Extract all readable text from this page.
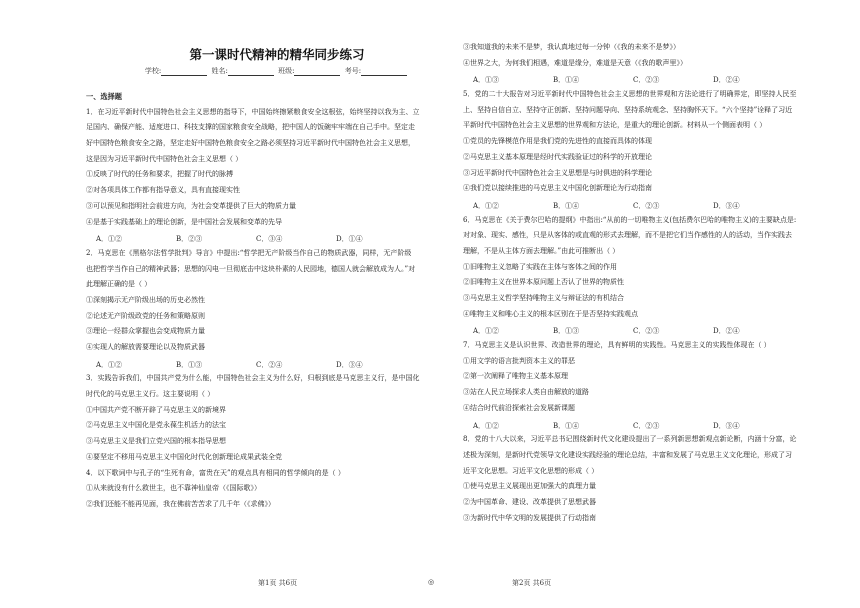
第一课时代精神的精华同步练习
学校:	姓名:	班级:	考号:
一、选择题
1．在习近平新时代中国特色社会主义思想的指导下，中国始终擦紧粮食安全这根弦，始终坚持以我为主、立
足国内、确保产能、适度进口、科技支撑的国家粮食安全战略，把中国人的饭碗牢牢端在自己手中。坚定走
好中国特色粮食安全之路，坚定走好中国特色粮食安全之路必须坚持习近平新时代中国特色社会主义思想，
这是因为习近平新时代中国特色社会主义思想（ ）
①反映了时代的任务和要求，把握了时代的脉搏
②对各项具体工作都有指导意义，具有直接现实性
③可以预见和指明社会前进方向，为社会变革提供了巨大的物质力量
④是基于实践基础上的理论创新，是中国社会发展和变革的先导
A．①②	B．②③	C．③④	D．①④
2．马克思在《黑格尔法哲学批判》导言》中提出:“哲学把无产阶级当作自己的物质武器，同样，无产阶级
也把哲学当作自己的精神武器；思想的闪电一旦彻底击中这块朴素的人民园地，德国人就会解放成为人。”对
此理解正确的是（ ）
①深刻揭示无产阶级出场的历史必然性
②论述无产阶级政党的任务和策略原则
③理论一经群众掌握也会变成物质力量
④实现人的解放需要理论以及物质武器
A．①②	B．①③	C．②④	D．③④
3．实践告诉我们，中国共产党为什么能，中国特色社会主义为什么好，归根到底是马克思主义行，是中国化
时代化的马克思主义行。这主要说明（ ）
①中国共产党不断开辟了马克思主义的新境界
②马克思主义中国化是党永葆生机活力的法宝
③马克思主义是我们立党兴国的根本指导思想
④要坚定不移用马克思主义中国化时代化创新理论成果武装全党
4．以下歌词中与孔子的“生死有命，富贵在天”的观点具有相同的哲学倾向的是（ ）
①从来就没有什么救世主，也不靠神仙皇帝（《国际歌》）
②我们还能不能再见面，我在佛前苦苦求了几千年（《求佛》）
③我知道我的未来不是梦，我认真地过每一分钟（《我的未来不是梦》）
④世界之大，为何我们相遇，难道是缘分，难道是天意（《我的歌声里》）
A．①③	B．①④	C．②③	D．②④
5．党的二十大报告对习近平新时代中国特色社会主义思想的世界观和方法论进行了明确界定，即坚持人民至
上、坚持自信自立、坚持守正创新、坚持问题导向、坚持系统观念、坚持胸怀天下。“六个坚持”诠释了习近
平新时代中国特色社会主义思想的世界观和方法论，是重大的理论创新。材料从一个侧面表明（ ）
①党员的先锋模范作用是我们党的先进性的直接而具体的体现
②马克思主义基本原理是经时代实践验证过的科学的开放理论
③习近平新时代中国特色社会主义思想是与时俱进的科学理论
④我们党以接续推进的马克思主义中国化创新理论为行动指南
A．①②	B．①④	C．②③	D．③④
6．马克思在《关于费尔巴哈的提纲》中指出:“从前的一切唯物主义(包括费尔巴哈的唯物主义)的主要缺点是:
对对象、现实、感性，只是从客体的或直观的形式去理解，而不是把它们当作感性的人的活动，当作实践去
理解，不是从主体方面去理解。”由此可推断出（ ）
①旧唯物主义忽略了实践在主体与客体之间的作用
②旧唯物主义在世界本原问题上否认了世界的物质性
③马克思主义哲学坚持唯物主义与辩证法的有机结合
④唯物主义和唯心主义的根本区别在于是否坚持实践观点
A．①②	B．①③	C．②③	D．②④
7．马克思主义是认识世界、改造世界的理论，具有鲜明的实践性。马克思主义的实践性体现在（ ）
①用文学的语言批判资本主义的罪恶
②第一次阐释了唯物主义基本原理
③站在人民立场探求人类自由解放的道路
④结合时代前沿探索社会发展新课题
A．①②	B．①④	C．②③	D．③④
8．党的十八大以来，习近平总书记围绕新时代文化建设提出了一系列新思想新观点新论断，内涵十分富，论
述极为深刻，是新时代党领导文化建设实践经验的理论总结，丰富和发展了马克思主义文化理论，形成了习
近平文化思想。习近平文化思想的形成（ ）
①使马克思主义展现出更加强大的真理力量
②为中国革命、建设、改革提供了思想武器
③为新时代中华文明的发展提供了行动指南
第1页 共6页	◎	第2页 共6页
